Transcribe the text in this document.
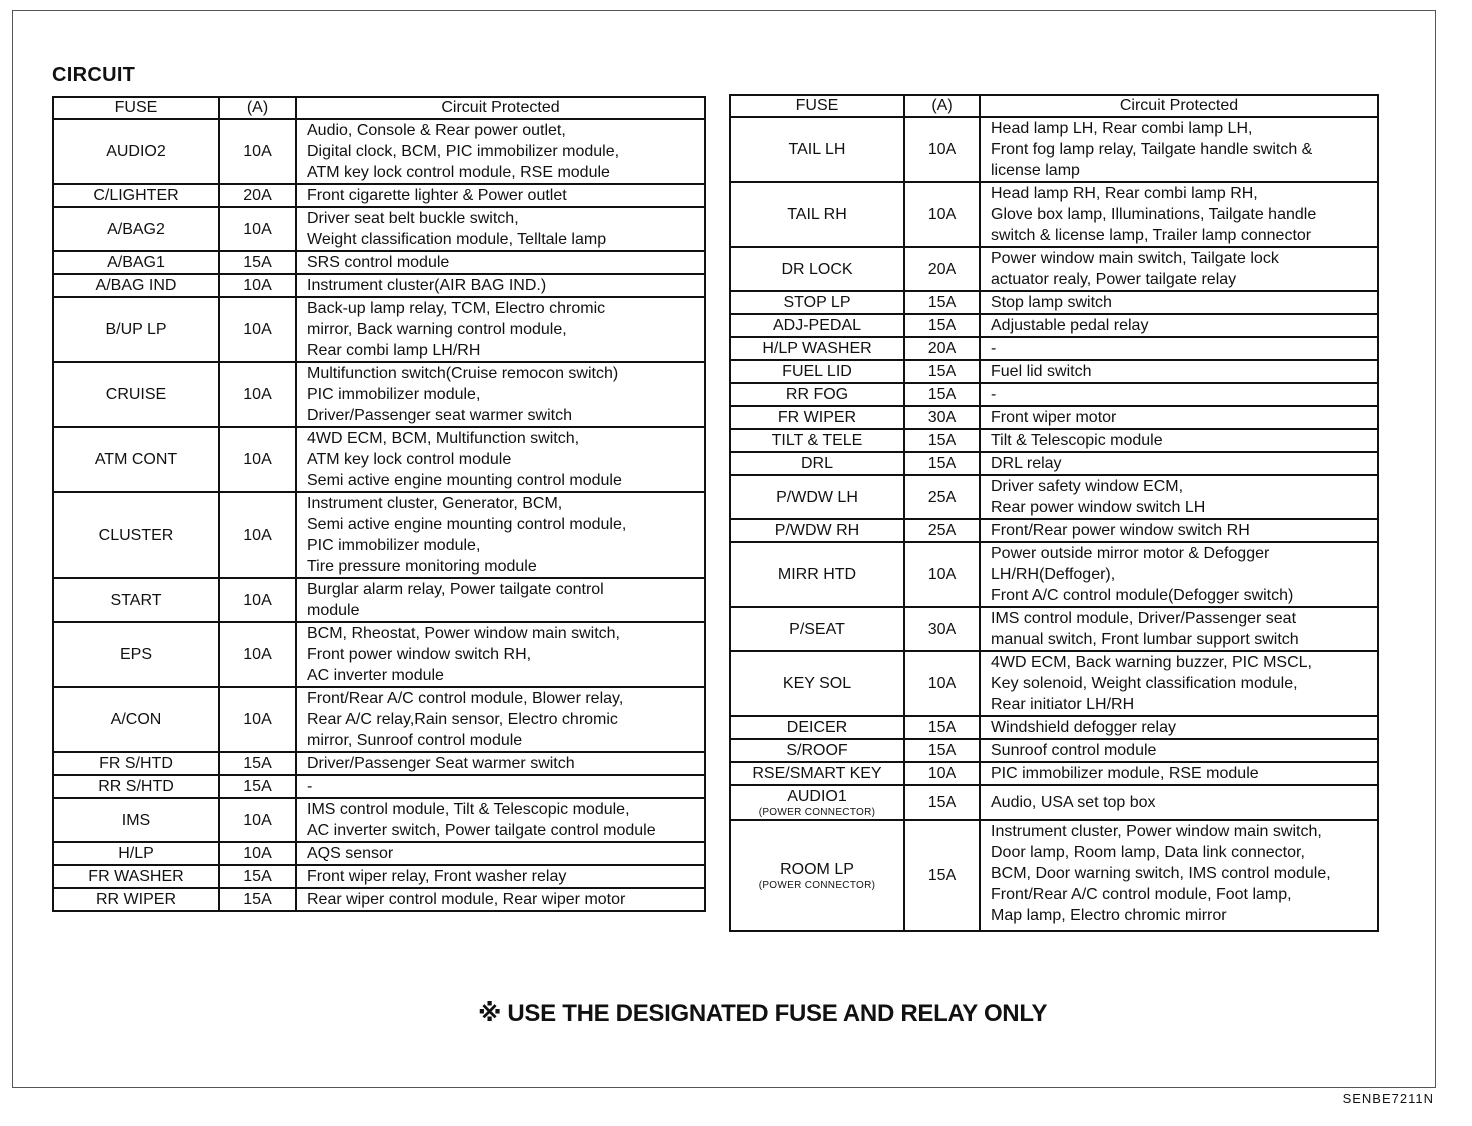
CIRCUIT
FUSE	(A)	Circuit Protected
AUDIO2	10A	Audio, Console & Rear power outlet,
Digital clock, BCM, PIC immobilizer module,
ATM key lock control module, RSE module

C/LIGHTER	20A	Front cigarette lighter & Power outlet

A/BAG2	10A	Driver seat belt buckle switch,
Weight classification module, Telltale lamp

A/BAG1	15A	SRS control module

A/BAG IND	10A	Instrument cluster(AIR BAG IND.)

B/UP LP	10A	Back-up lamp relay, TCM, Electro chromic
mirror, Back warning control module,
Rear combi lamp LH/RH

CRUISE	10A	Multifunction switch(Cruise remocon switch)
PIC immobilizer module,
Driver/Passenger seat warmer switch

ATM CONT	10A	4WD ECM, BCM, Multifunction switch,
ATM key lock control module
Semi active engine mounting control module

CLUSTER	10A	Instrument cluster, Generator, BCM,
Semi active engine mounting control module,
PIC immobilizer module,
Tire pressure monitoring module

START	10A	Burglar alarm relay, Power tailgate control
module

EPS	10A	BCM, Rheostat, Power window main switch,
Front power window switch RH,
AC inverter module

A/CON	10A	Front/Rear A/C control module, Blower relay,
Rear A/C relay,Rain sensor, Electro chromic
mirror, Sunroof control module

FR S/HTD	15A	Driver/Passenger Seat warmer switch

RR S/HTD	15A	-

IMS	10A	IMS control module, Tilt & Telescopic module,
AC inverter switch, Power tailgate control module

H/LP	10A	AQS sensor

FR WASHER	15A	Front wiper relay, Front washer relay

RR WIPER	15A	Rear wiper control module, Rear wiper motor
FUSE	(A)	Circuit Protected
TAIL LH	10A	Head lamp LH, Rear combi lamp LH,
Front fog lamp relay, Tailgate handle switch &
license lamp

TAIL RH	10A	Head lamp RH, Rear combi lamp RH,
Glove box lamp, Illuminations, Tailgate handle
switch & license lamp, Trailer lamp connector

DR LOCK	20A	Power window main switch, Tailgate lock
actuator realy, Power tailgate relay

STOP LP	15A	Stop lamp switch

ADJ-PEDAL	15A	Adjustable pedal relay

H/LP WASHER	20A	-

FUEL LID	15A	Fuel lid switch

RR FOG	15A	-

FR WIPER	30A	Front wiper motor

TILT & TELE	15A	Tilt & Telescopic module

DRL	15A	DRL relay

P/WDW LH	25A	Driver safety window ECM,
Rear power window switch LH

P/WDW RH	25A	Front/Rear power window switch RH

MIRR HTD	10A	Power outside mirror motor & Defogger
LH/RH(Deffoger),
Front A/C control module(Defogger switch)

P/SEAT	30A	IMS control module, Driver/Passenger seat
manual switch, Front lumbar support switch

KEY SOL	10A	4WD ECM, Back warning buzzer, PIC MSCL,
Key solenoid, Weight classification module,
Rear initiator LH/RH

DEICER	15A	Windshield defogger relay

S/ROOF	15A	Sunroof control module

RSE/SMART KEY	10A	PIC immobilizer module, RSE module

AUDIO1
(POWER CONNECTOR)	15A	Audio, USA set top box

ROOM LP
(POWER CONNECTOR)	15A	Instrument cluster, Power window main switch,
Door lamp, Room lamp, Data link connector,
BCM, Door warning switch, IMS control module,
Front/Rear A/C control module, Foot lamp,
Map lamp, Electro chromic mirror
※ USE THE DESIGNATED FUSE AND RELAY ONLY
SENBE7211N
